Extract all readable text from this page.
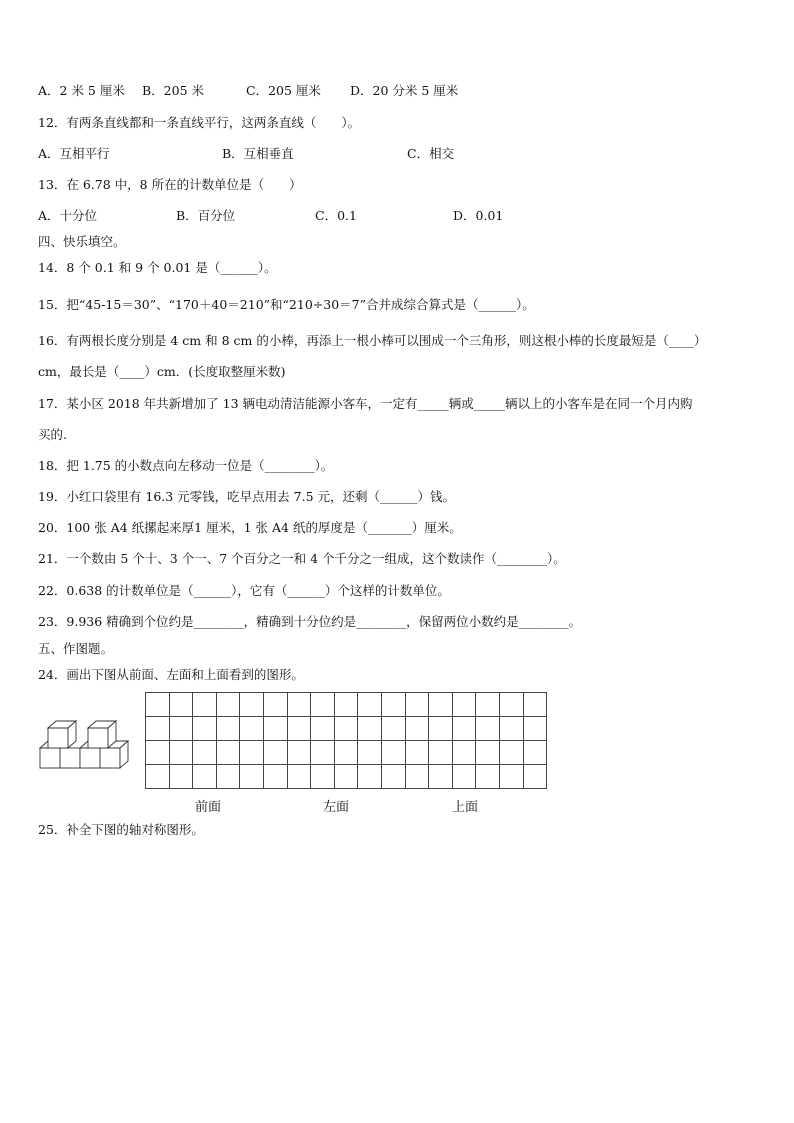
A．2 米 5 厘米 B．205 米	C．205 厘米 D．20 分米 5 厘米
12．有两条直线都和一条直线平行，这两条直线（　　）。
A．互相平行	B．互相垂直	C．相交
13．在 6.78 中，8 所在的计数单位是（　　）
A．十分位	B．百分位	C．0.1	D．0.01
四、快乐填空。
14．8 个 0.1 和 9 个 0.01 是（______）。
15．把“45-15＝30”、“170＋40＝210”和“210÷30＝7”合并成综合算式是（______）。
16．有两根长度分别是 4 cm 和 8 cm 的小棒，再添上一根小棒可以围成一个三角形，则这根小棒的长度最短是（____）
cm，最长是（____）cm．(长度取整厘米数)
17．某小区 2018 年共新增加了 13 辆电动清洁能源小客车，一定有_____辆或_____辆以上的小客车是在同一个月内购
买的.
18．把 1.75 的小数点向左移动一位是（________）。
19．小红口袋里有 16.3 元零钱，吃早点用去 7.5 元，还剩（______）钱。
20．100 张 A4 纸摞起来厚1 厘米，1 张 A4 纸的厚度是（_______）厘米。
21．一个数由 5 个十、3 个一、7 个百分之一和 4 个千分之一组成，这个数读作（________）。
22．0.638 的计数单位是（______），它有（______）个这样的计数单位。
23．9.936 精确到个位约是________，精确到十分位约是________，保留两位小数约是________。
五、作图题。
24．画出下图从前面、左面和上面看到的图形。
前面	左面	上面
25．补全下图的轴对称图形。
